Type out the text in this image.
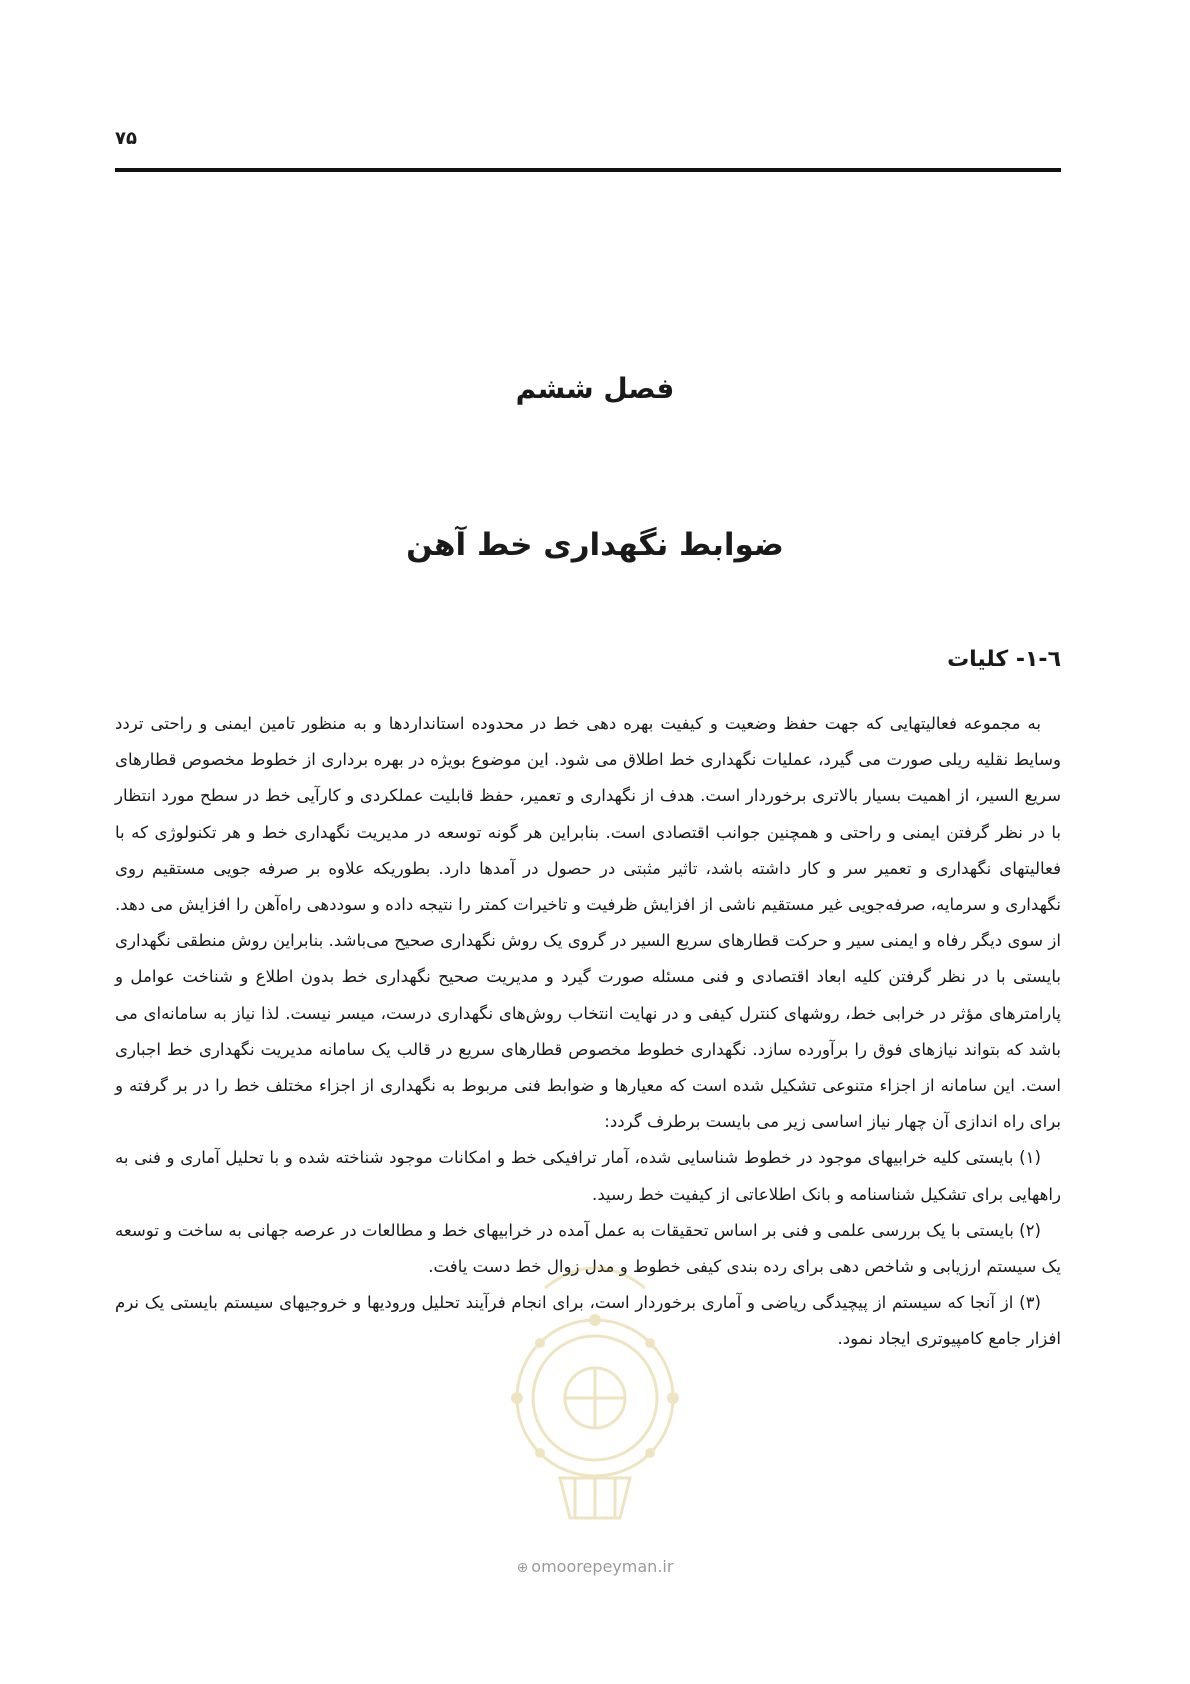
۷۵
فصل ششم
ضوابط نگهداری خط آهن
٦-١- کلیات

به مجموعه فعالیتهایی که جهت حفظ وضعیت و کیفیت بهره دهی خط در محدوده استانداردها و به منظور تامین ایمنی و راحتی تردد وسایط نقلیه ریلی صورت می گیرد، عملیات نگهداری خط اطلاق می شود. این موضوع بویژه در بهره برداری از خطوط مخصوص قطارهای سریع السیر، از اهمیت بسیار بالاتری برخوردار است. هدف از نگهداری و تعمیر، حفظ قابلیت عملکردی و کارآیی خط در سطح مورد انتظار با در نظر گرفتن ایمنی و راحتی و همچنین جوانب اقتصادی است. بنابراین هر گونه توسعه در مدیریت نگهداری خط و هر تکنولوژی که با فعالیتهای نگهداری و تعمیر سر و کار داشته باشد، تاثیر مثبتی در حصول در آمدها دارد. بطوریکه علاوه بر صرفه جویی مستقیم روی نگهداری و سرمایه، صرفه‌جویی غیر مستقیم ناشی از افزایش ظرفیت و تاخیرات کمتر را نتیجه داده و سوددهی راه‌آهن را افزایش می دهد. از سوی دیگر رفاه و ایمنی سیر و حرکت قطارهای سریع السیر در گروی یک روش نگهداری صحیح می‌باشد. بنابراین روش منطقی نگهداری بایستی با در نظر گرفتن کلیه ابعاد اقتصادی و فنی مسئله صورت گیرد و مدیریت صحیح نگهداری خط بدون اطلاع و شناخت عوامل و پارامترهای مؤثر در خرابی خط، روشهای کنترل کیفی و در نهایت انتخاب روش‌های نگهداری درست، میسر نیست. لذا نیاز به سامانه‌ای می باشد که بتواند نیازهای فوق را برآورده سازد. نگهداری خطوط مخصوص قطارهای سریع در قالب یک سامانه مدیریت نگهداری خط اجباری است. این سامانه از اجزاء متنوعی تشکیل شده است که معیارها و ضوابط فنی مربوط به نگهداری از اجزاء مختلف خط را در بر گرفته و برای راه اندازی آن چهار نیاز اساسی زیر می بایست برطرف گردد:

(۱) بایستی کلیه خرابیهای موجود در خطوط شناسایی شده، آمار ترافیکی خط و امکانات موجود شناخته شده و با تحلیل آماری و فنی به راههایی برای تشکیل شناسنامه و بانک اطلاعاتی از کیفیت خط رسید.

(۲) بایستی با یک بررسی علمی و فنی بر اساس تحقیقات به عمل آمده در خرابیهای خط و مطالعات در عرصه جهانی به ساخت و توسعه یک سیستم ارزیابی و شاخص دهی برای رده بندی کیفی خطوط و مدل زوال خط دست یافت.

(۳) از آنجا که سیستم از پیچیدگی ریاضی و آماری برخوردار است، برای انجام فرآیند تحلیل ورودیها و خروجیهای سیستم بایستی یک نرم افزار جامع کامپیوتری ایجاد نمود.

⊕ omoorepeyman.ir
